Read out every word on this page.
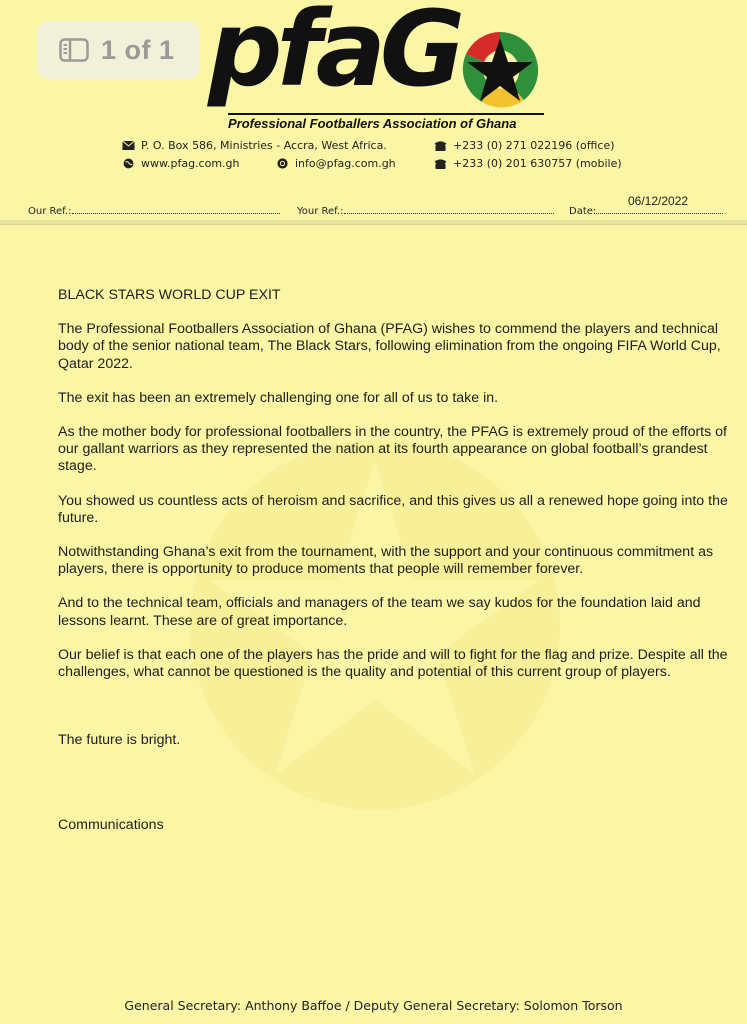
1 of 1 pfaG
Professional Footballers Association of Ghana
P. O. Box 586, Ministries - Accra, West Africa.
www.pfag.com.gh	info@pfag.com.gh
+233 (0) 271 022196 (office)
+233 (0) 201 630757 (mobile)
Our Ref.:	Your Ref.:	Date:
06/12/2022

BLACK STARS WORLD CUP EXIT

The Professional Footballers Association of Ghana (PFAG) wishes to commend the players and technical body of the senior national team, The Black Stars, following elimination from the ongoing FIFA World Cup, Qatar 2022.

The exit has been an extremely challenging one for all of us to take in.

As the mother body for professional footballers in the country, the PFAG is extremely proud of the efforts of our gallant warriors as they represented the nation at its fourth appearance on global football’s grandest stage.

You showed us countless acts of heroism and sacrifice, and this gives us all a renewed hope going into the future.

Notwithstanding Ghana’s exit from the tournament, with the support and your continuous commitment as players, there is opportunity to produce moments that people will remember forever.

And to the technical team, officials and managers of the team we say kudos for the foundation laid and lessons learnt. These are of great importance.

Our belief is that each one of the players has the pride and will to fight for the flag and prize. Despite all the challenges, what cannot be questioned is the quality and potential of this current group of players.

The future is bright.

Communications

General Secretary: Anthony Baffoe / Deputy General Secretary: Solomon Torson
